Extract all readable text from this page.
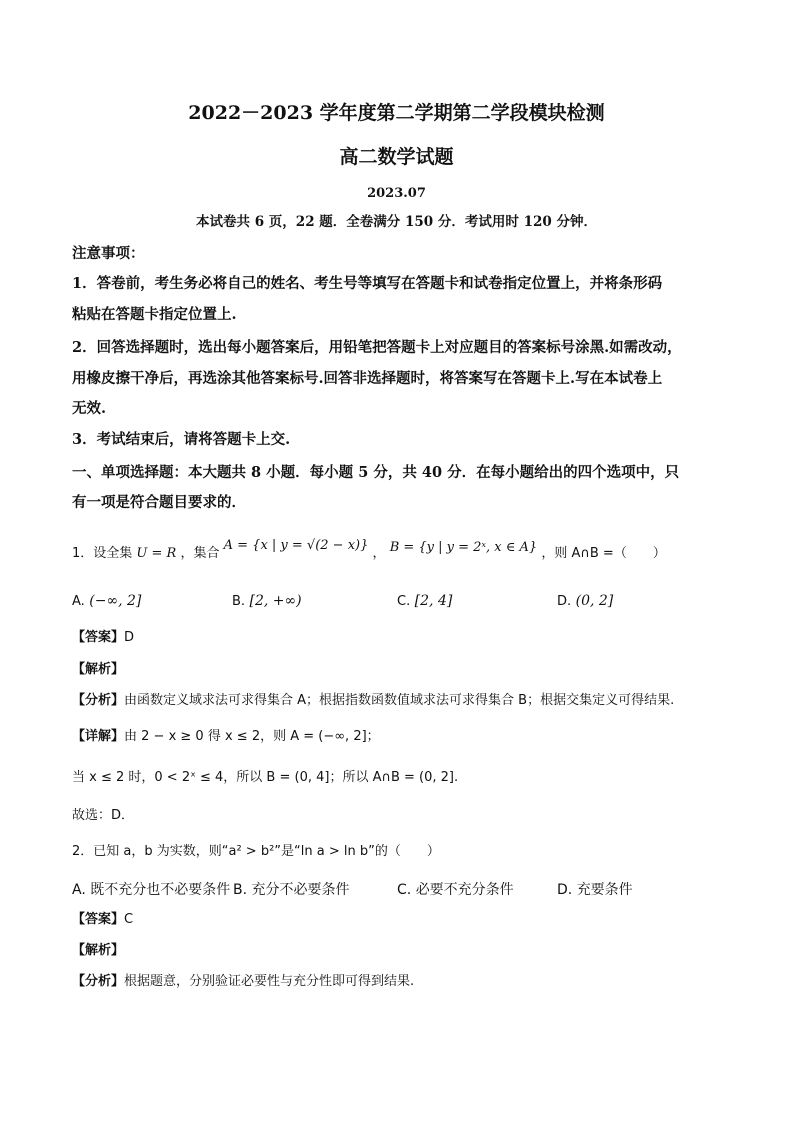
2022－2023 学年度第二学期第二学段模块检测
高二数学试题
2023.07
本试卷共 6 页，22 题．全卷满分 150 分．考试用时 120 分钟．
注意事项：
1．答卷前，考生务必将自己的姓名、考生号等填写在答题卡和试卷指定位置上，并将条形码
粘贴在答题卡指定位置上.
2．回答选择题时，选出每小题答案后，用铅笔把答题卡上对应题目的答案标号涂黑.如需改动，
用橡皮擦干净后，再选涂其他答案标号.回答非选择题时，将答案写在答题卡上.写在本试卷上
无效.
3．考试结束后，请将答题卡上交.
一、单项选择题：本大题共 8 小题．每小题 5 分，共 40 分．在每小题给出的四个选项中，只
有一项是符合题目要求的．
1．设全集 U = R ，集合 A = {x | y = √(2 − x)} ， B = {y | y = 2ˣ, x ∈ A} ，则 A∩B =（　　）
A. (−∞, 2]	B. [2, +∞)	C. [2, 4]	D. (0, 2]
【答案】D
【解析】
【分析】由函数定义域求法可求得集合 A；根据指数函数值域求法可求得集合 B；根据交集定义可得结果.
【详解】由 2 − x ≥ 0 得 x ≤ 2，则 A = (−∞, 2]；
当 x ≤ 2 时，0 < 2ˣ ≤ 4，所以 B = (0, 4]；所以 A∩B = (0, 2].
故选：D．
2．已知 a，b 为实数，则“a² > b²”是“ln a > ln b”的（　　）
A. 既不充分也不必要条件 B. 充分不必要条件	C. 必要不充分条件	D. 充要条件
【答案】C
【解析】
【分析】根据题意，分别验证必要性与充分性即可得到结果.
